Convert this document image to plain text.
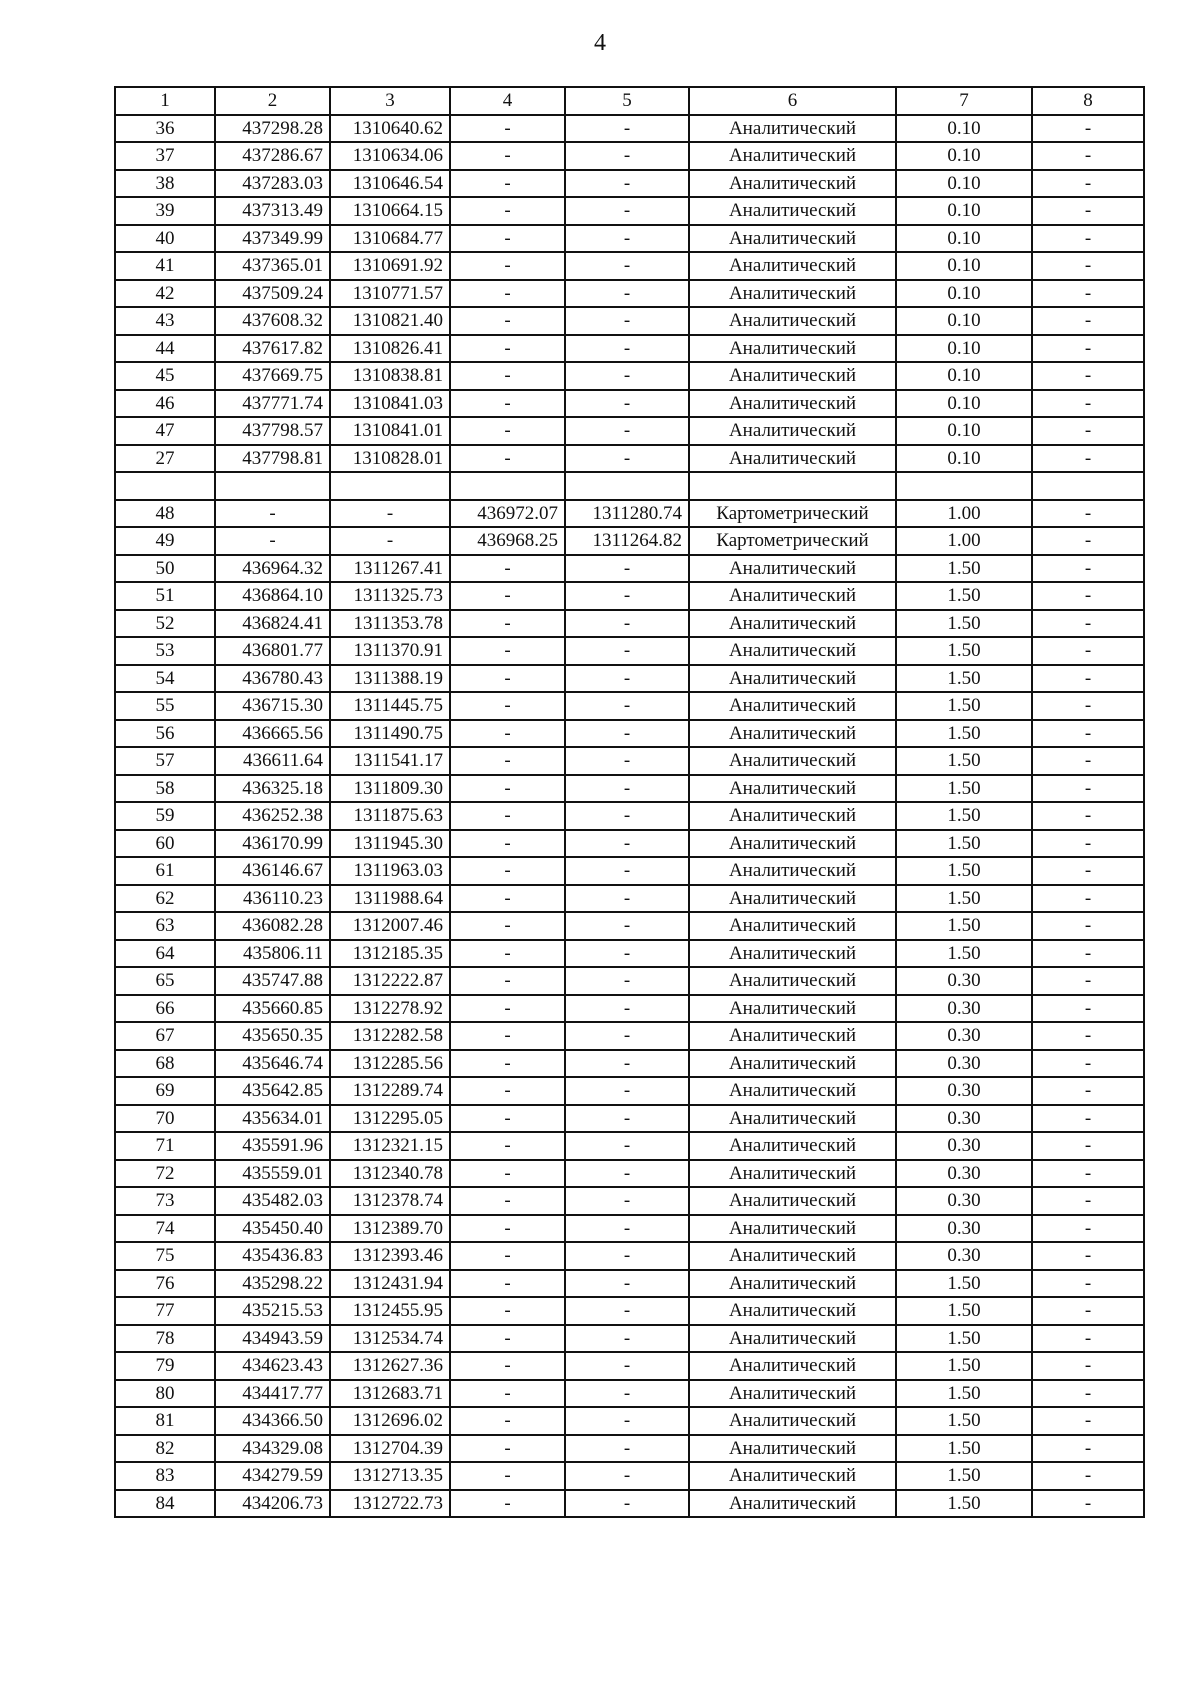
4
1	2	3	4	5	6	7	8
36	437298.28	1310640.62	-	-	Аналитический	0.10	-
37	437286.67	1310634.06	-	-	Аналитический	0.10	-
38	437283.03	1310646.54	-	-	Аналитический	0.10	-
39	437313.49	1310664.15	-	-	Аналитический	0.10	-
40	437349.99	1310684.77	-	-	Аналитический	0.10	-
41	437365.01	1310691.92	-	-	Аналитический	0.10	-
42	437509.24	1310771.57	-	-	Аналитический	0.10	-
43	437608.32	1310821.40	-	-	Аналитический	0.10	-
44	437617.82	1310826.41	-	-	Аналитический	0.10	-
45	437669.75	1310838.81	-	-	Аналитический	0.10	-
46	437771.74	1310841.03	-	-	Аналитический	0.10	-
47	437798.57	1310841.01	-	-	Аналитический	0.10	-
27	437798.81	1310828.01	-	-	Аналитический	0.10	-

48	-	-	436972.07	1311280.74	Картометрический	1.00	-
49	-	-	436968.25	1311264.82	Картометрический	1.00	-
50	436964.32	1311267.41	-	-	Аналитический	1.50	-
51	436864.10	1311325.73	-	-	Аналитический	1.50	-
52	436824.41	1311353.78	-	-	Аналитический	1.50	-
53	436801.77	1311370.91	-	-	Аналитический	1.50	-
54	436780.43	1311388.19	-	-	Аналитический	1.50	-
55	436715.30	1311445.75	-	-	Аналитический	1.50	-
56	436665.56	1311490.75	-	-	Аналитический	1.50	-
57	436611.64	1311541.17	-	-	Аналитический	1.50	-
58	436325.18	1311809.30	-	-	Аналитический	1.50	-
59	436252.38	1311875.63	-	-	Аналитический	1.50	-
60	436170.99	1311945.30	-	-	Аналитический	1.50	-
61	436146.67	1311963.03	-	-	Аналитический	1.50	-
62	436110.23	1311988.64	-	-	Аналитический	1.50	-
63	436082.28	1312007.46	-	-	Аналитический	1.50	-
64	435806.11	1312185.35	-	-	Аналитический	1.50	-
65	435747.88	1312222.87	-	-	Аналитический	0.30	-
66	435660.85	1312278.92	-	-	Аналитический	0.30	-
67	435650.35	1312282.58	-	-	Аналитический	0.30	-
68	435646.74	1312285.56	-	-	Аналитический	0.30	-
69	435642.85	1312289.74	-	-	Аналитический	0.30	-
70	435634.01	1312295.05	-	-	Аналитический	0.30	-
71	435591.96	1312321.15	-	-	Аналитический	0.30	-
72	435559.01	1312340.78	-	-	Аналитический	0.30	-
73	435482.03	1312378.74	-	-	Аналитический	0.30	-
74	435450.40	1312389.70	-	-	Аналитический	0.30	-
75	435436.83	1312393.46	-	-	Аналитический	0.30	-
76	435298.22	1312431.94	-	-	Аналитический	1.50	-
77	435215.53	1312455.95	-	-	Аналитический	1.50	-
78	434943.59	1312534.74	-	-	Аналитический	1.50	-
79	434623.43	1312627.36	-	-	Аналитический	1.50	-
80	434417.77	1312683.71	-	-	Аналитический	1.50	-
81	434366.50	1312696.02	-	-	Аналитический	1.50	-
82	434329.08	1312704.39	-	-	Аналитический	1.50	-
83	434279.59	1312713.35	-	-	Аналитический	1.50	-
84	434206.73	1312722.73	-	-	Аналитический	1.50	-
